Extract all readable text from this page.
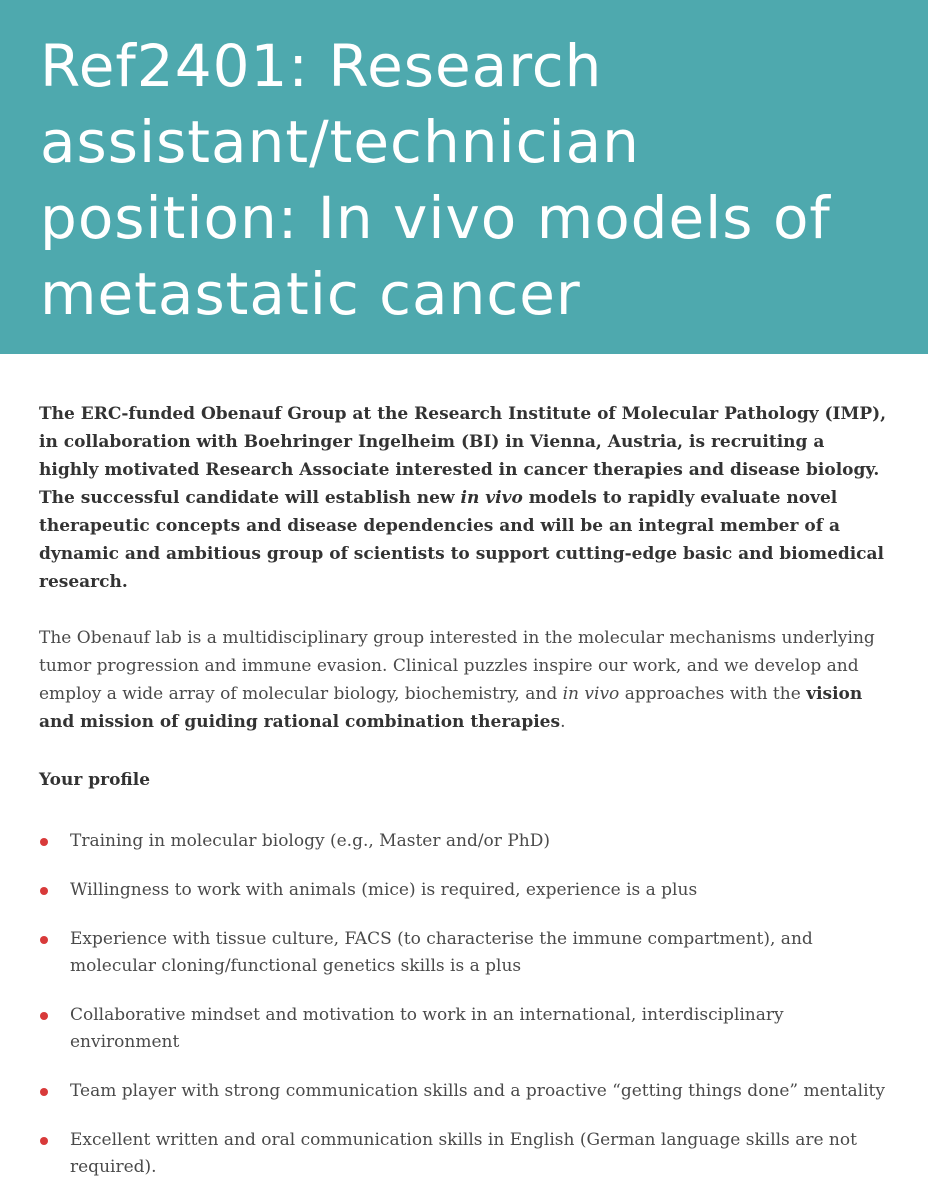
Ref2401: Research assistant/technician position: In vivo models of metastatic cancer

The ERC-funded Obenauf Group at the Research Institute of Molecular Pathology (IMP), in collaboration with Boehringer Ingelheim (BI) in Vienna, Austria, is recruiting a highly motivated Research Associate interested in cancer therapies and disease biology. The successful candidate will establish new in vivo models to rapidly evaluate novel therapeutic concepts and disease dependencies and will be an integral member of a dynamic and ambitious group of scientists to support cutting-edge basic and biomedical research.

The Obenauf lab is a multidisciplinary group interested in the molecular mechanisms underlying tumor progression and immune evasion. Clinical puzzles inspire our work, and we develop and employ a wide array of molecular biology, biochemistry, and in vivo approaches with the vision and mission of guiding rational combination therapies.

Your profile

Training in molecular biology (e.g., Master and/or PhD)
Willingness to work with animals (mice) is required, experience is a plus
Experience with tissue culture, FACS (to characterise the immune compartment), and molecular cloning/functional genetics skills is a plus
Collaborative mindset and motivation to work in an international, interdisciplinary environment
Team player with strong communication skills and a proactive “getting things done” mentality
Excellent written and oral communication skills in English (German language skills are not required).
